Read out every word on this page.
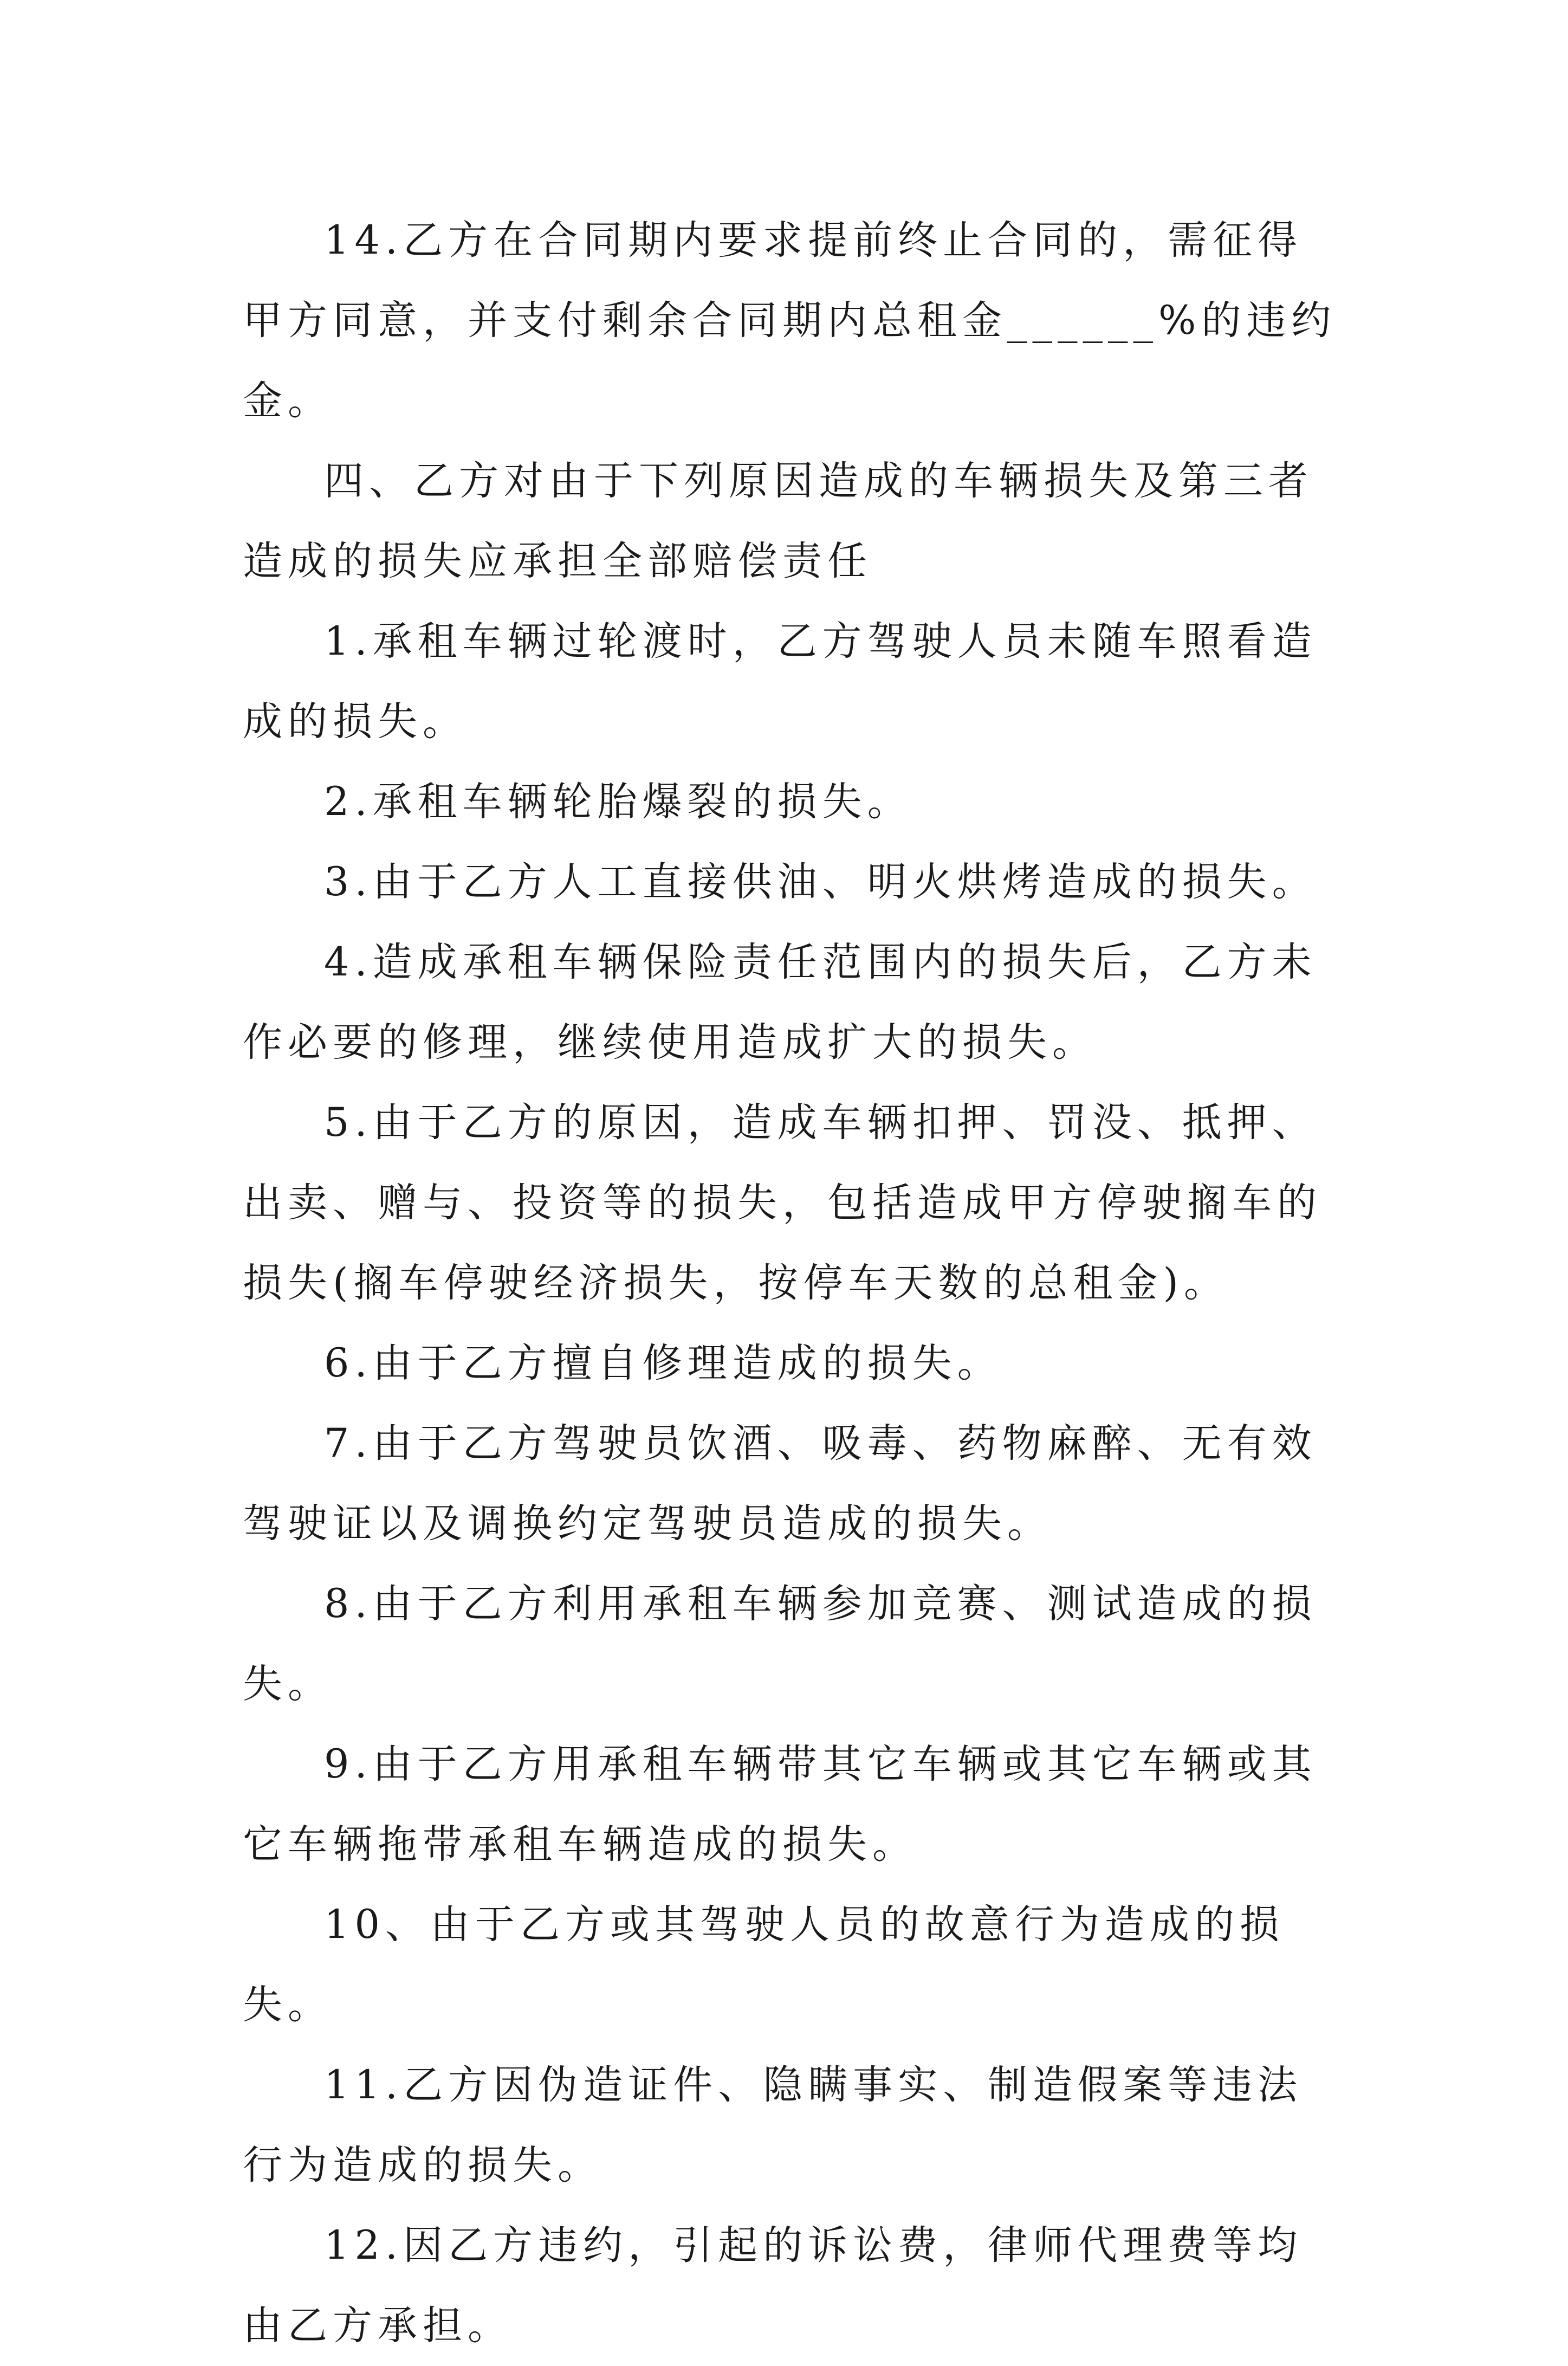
14.乙方在合同期内要求提前终止合同的，需征得甲方同意，并支付剩余合同期内总租金______%的违约金。

四、乙方对由于下列原因造成的车辆损失及第三者造成的损失应承担全部赔偿责任

1.承租车辆过轮渡时，乙方驾驶人员未随车照看造成的损失。

2.承租车辆轮胎爆裂的损失。

3.由于乙方人工直接供油、明火烘烤造成的损失。

4.造成承租车辆保险责任范围内的损失后，乙方未作必要的修理，继续使用造成扩大的损失。

5.由于乙方的原因，造成车辆扣押、罚没、抵押、出卖、赠与、投资等的损失，包括造成甲方停驶搁车的损失(搁车停驶经济损失，按停车天数的总租金)。

6.由于乙方擅自修理造成的损失。

7.由于乙方驾驶员饮酒、吸毒、药物麻醉、无有效驾驶证以及调换约定驾驶员造成的损失。

8.由于乙方利用承租车辆参加竞赛、测试造成的损失。

9.由于乙方用承租车辆带其它车辆或其它车辆或其它车辆拖带承租车辆造成的损失。

10、由于乙方或其驾驶人员的故意行为造成的损失。

11.乙方因伪造证件、隐瞒事实、制造假案等违法行为造成的损失。

12.因乙方违约，引起的诉讼费，律师代理费等均由乙方承担。
